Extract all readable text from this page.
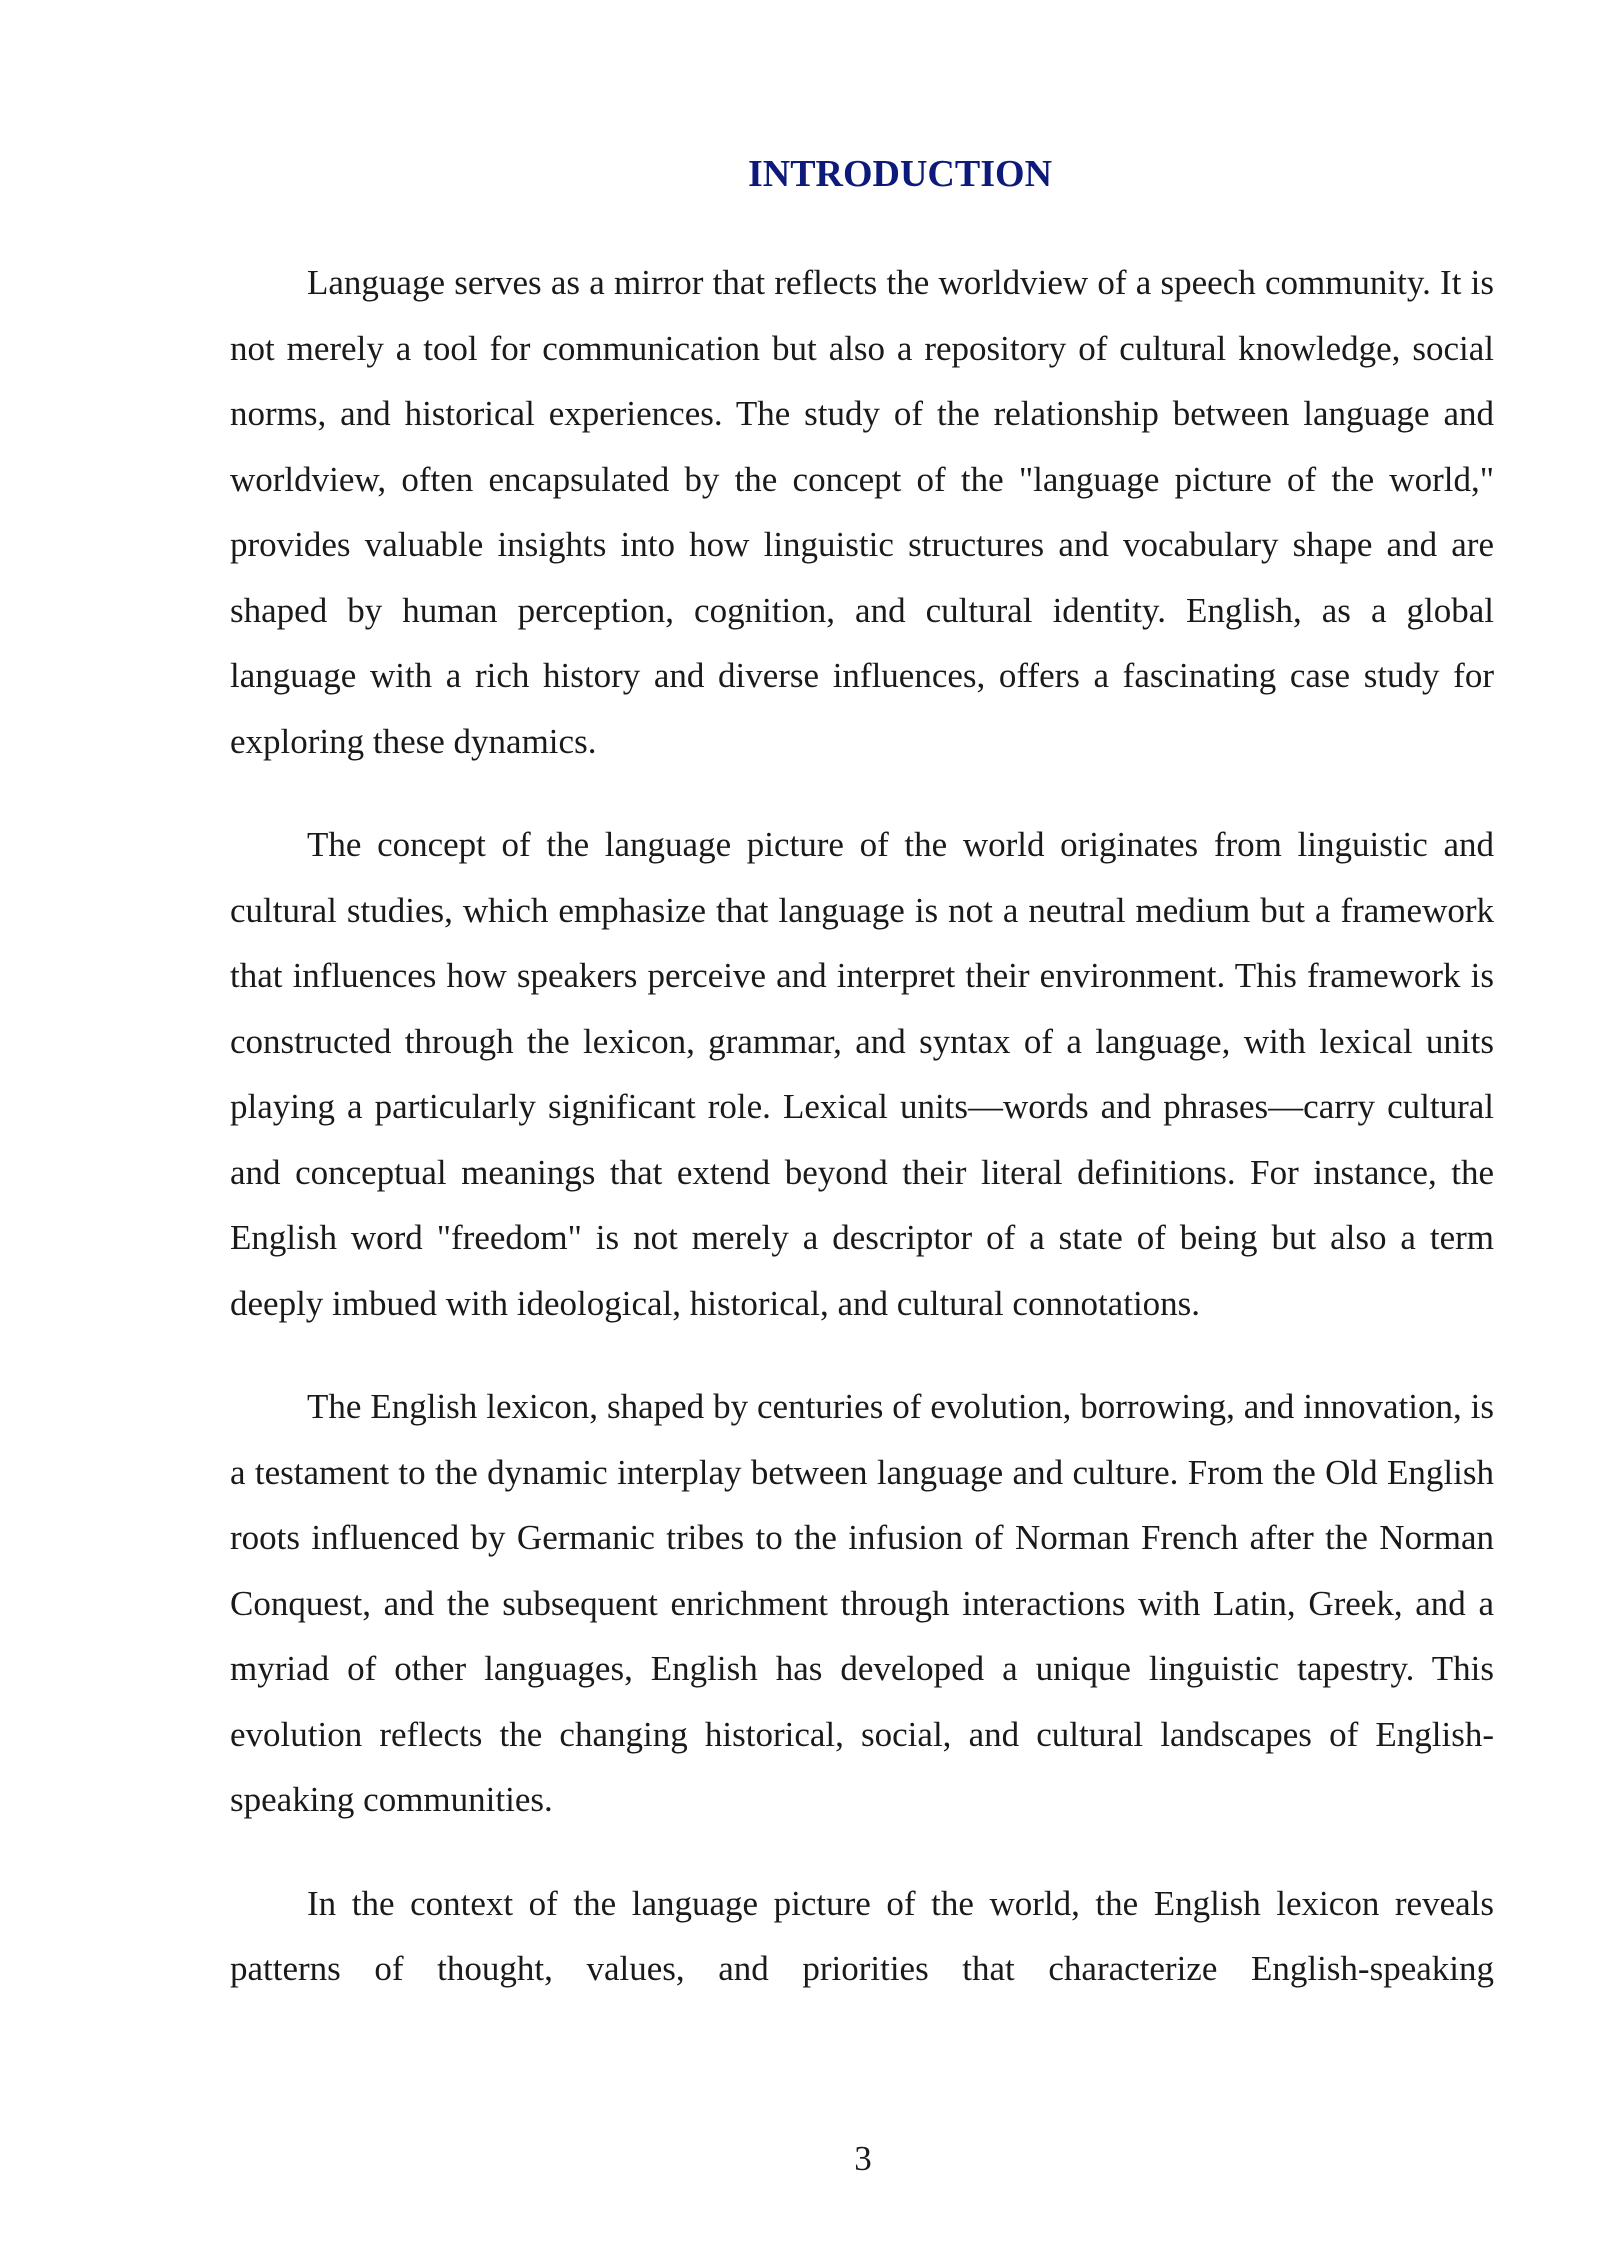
INTRODUCTION

Language serves as a mirror that reflects the worldview of a speech community. It is not merely a tool for communication but also a repository of cultural knowledge, social norms, and historical experiences. The study of the relationship between language and worldview, often encapsulated by the concept of the "language picture of the world," provides valuable insights into how linguistic structures and vocabulary shape and are shaped by human perception, cognition, and cultural identity. English, as a global language with a rich history and diverse influences, offers a fascinating case study for exploring these dynamics.

The concept of the language picture of the world originates from linguistic and cultural studies, which emphasize that language is not a neutral medium but a framework that influences how speakers perceive and interpret their environment. This framework is constructed through the lexicon, grammar, and syntax of a language, with lexical units playing a particularly significant role. Lexical units—words and phrases—carry cultural and conceptual meanings that extend beyond their literal definitions. For instance, the English word "freedom" is not merely a descriptor of a state of being but also a term deeply imbued with ideological, historical, and cultural connotations.

The English lexicon, shaped by centuries of evolution, borrowing, and innovation, is a testament to the dynamic interplay between language and culture. From the Old English roots influenced by Germanic tribes to the infusion of Norman French after the Norman Conquest, and the subsequent enrichment through interactions with Latin, Greek, and a myriad of other languages, English has developed a unique linguistic tapestry. This evolution reflects the changing historical, social, and cultural landscapes of English-speaking communities.

In the context of the language picture of the world, the English lexicon reveals patterns of thought, values, and priorities that characterize English-speaking

3
